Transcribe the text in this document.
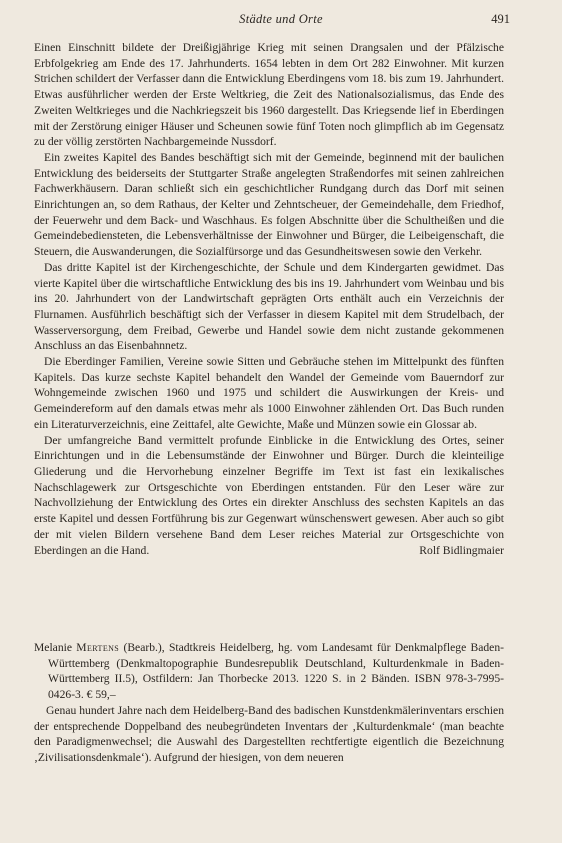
Städte und Orte	491

Einen Einschnitt bildete der Dreißigjährige Krieg mit seinen Drangsalen und der Pfälzische Erbfolgekrieg am Ende des 17. Jahrhunderts. 1654 lebten in dem Ort 282 Einwohner. Mit kurzen Strichen schildert der Verfasser dann die Entwicklung Eberdingens vom 18. bis zum 19. Jahrhundert. Etwas ausführlicher werden der Erste Weltkrieg, die Zeit des Nationalsozialismus, das Ende des Zweiten Weltkrieges und die Nachkriegszeit bis 1960 dargestellt. Das Kriegsende lief in Eberdingen mit der Zerstörung einiger Häuser und Scheunen sowie fünf Toten noch glimpflich ab im Gegensatz zu der völlig zerstörten Nachbargemeinde Nussdorf.

Ein zweites Kapitel des Bandes beschäftigt sich mit der Gemeinde, beginnend mit der baulichen Entwicklung des beiderseits der Stuttgarter Straße angelegten Straßendorfes mit seinen zahlreichen Fachwerkhäusern. Daran schließt sich ein geschichtlicher Rundgang durch das Dorf mit seinen Einrichtungen an, so dem Rathaus, der Kelter und Zehntscheuer, der Gemeindehalle, dem Friedhof, der Feuerwehr und dem Back- und Waschhaus. Es folgen Abschnitte über die Schultheißen und die Gemeindebediensteten, die Lebensverhältnisse der Einwohner und Bürger, die Leibeigenschaft, die Steuern, die Auswanderungen, die Sozialfürsorge und das Gesundheitswesen sowie den Verkehr.

Das dritte Kapitel ist der Kirchengeschichte, der Schule und dem Kindergarten gewidmet. Das vierte Kapitel über die wirtschaftliche Entwicklung des bis ins 19. Jahrhundert vom Weinbau und bis ins 20. Jahrhundert von der Landwirtschaft geprägten Orts enthält auch ein Verzeichnis der Flurnamen. Ausführlich beschäftigt sich der Verfasser in diesem Kapitel mit dem Strudelbach, der Wasserversorgung, dem Freibad, Gewerbe und Handel sowie dem nicht zustande gekommenen Anschluss an das Eisenbahnnetz.

Die Eberdinger Familien, Vereine sowie Sitten und Gebräuche stehen im Mittelpunkt des fünften Kapitels. Das kurze sechste Kapitel behandelt den Wandel der Gemeinde vom Bauerndorf zur Wohngemeinde zwischen 1960 und 1975 und schildert die Auswirkungen der Kreis- und Gemeindereform auf den damals etwas mehr als 1000 Einwohner zählenden Ort. Das Buch runden ein Literaturverzeichnis, eine Zeittafel, alte Gewichte, Maße und Münzen sowie ein Glossar ab.

Der umfangreiche Band vermittelt profunde Einblicke in die Entwicklung des Ortes, seiner Einrichtungen und in die Lebensumstände der Einwohner und Bürger. Durch die kleinteilige Gliederung und die Hervorhebung einzelner Begriffe im Text ist fast ein lexikalisches Nachschlagewerk zur Ortsgeschichte von Eberdingen entstanden. Für den Leser wäre zur Nachvollziehung der Entwicklung des Ortes ein direkter Anschluss des sechsten Kapitels an das erste Kapitel und dessen Fortführung bis zur Gegenwart wünschenswert gewesen. Aber auch so gibt der mit vielen Bildern versehene Band dem Leser reiches Material zur Ortsgeschichte von Eberdingen an die Hand.	Rolf Bidlingmaier

Melanie Mertens (Bearb.), Stadtkreis Heidelberg, hg. vom Landesamt für Denkmalpflege Baden-Württemberg (Denkmaltopographie Bundesrepublik Deutschland, Kulturdenkmale in Baden-Württemberg II.5), Ostfildern: Jan Thorbecke 2013. 1220 S. in 2 Bänden. ISBN 978-3-7995-0426-3. € 59,–

Genau hundert Jahre nach dem Heidelberg-Band des badischen Kunstdenkmälerinventars erschien der entsprechende Doppelband des neubegründeten Inventars der ‚Kulturdenkmale‘ (man beachte den Paradigmenwechsel; die Auswahl des Dargestellten rechtfertigte eigentlich die Bezeichnung ‚Zivilisationsdenkmale‘). Aufgrund der hiesigen, von dem neueren
